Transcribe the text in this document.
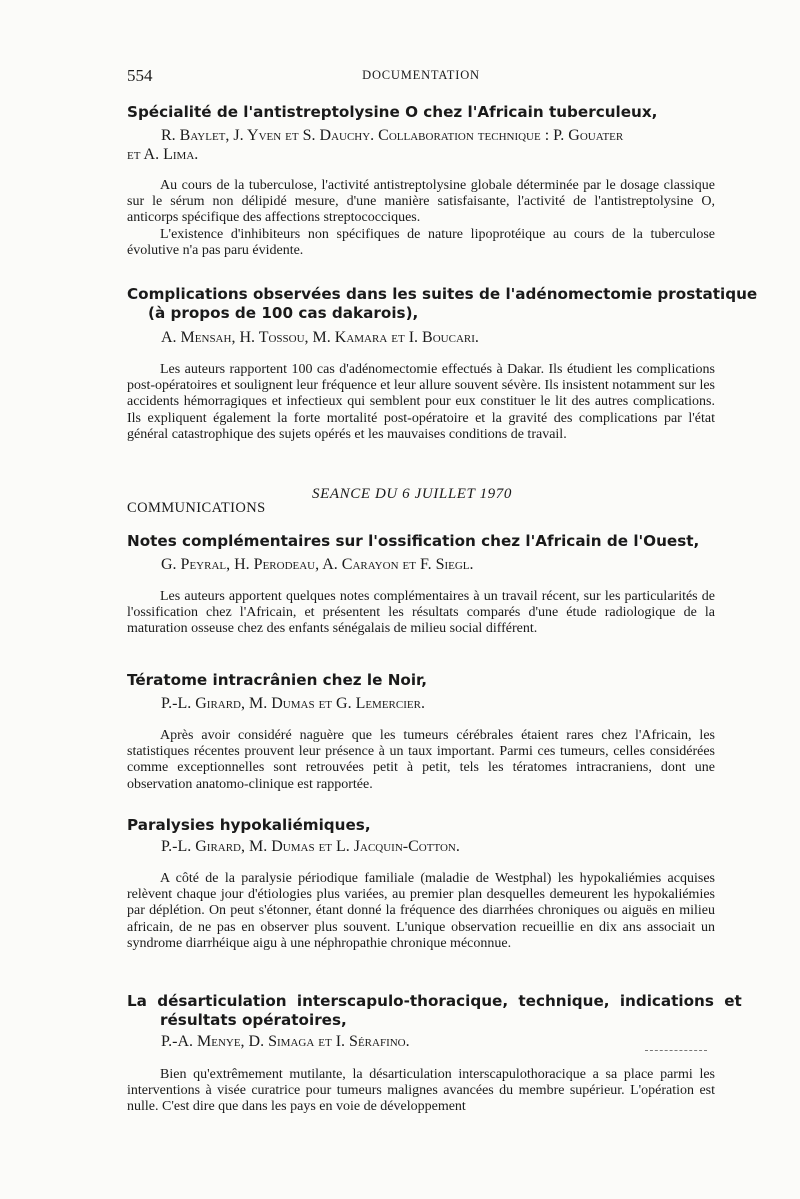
554	DOCUMENTATION
Spécialité de l'antistreptolysine O chez l'Africain tuberculeux,
R. Baylet, J. Yven et S. Dauchy. Collaboration technique : P. Gouater
et A. Lima.

Au cours de la tuberculose, l'activité antistreptolysine globale déterminée par le dosage classique sur le sérum non délipidé mesure, d'une manière satisfaisante, l'activité de l'antistreptolysine O, anticorps spécifique des affections streptococciques.

L'existence d'inhibiteurs non spécifiques de nature lipoprotéique au cours de la tuberculose évolutive n'a pas paru évidente.

Complications observées dans les suites de l'adénomectomie prostatique
(à propos de 100 cas dakarois),
A. Mensah, H. Tossou, M. Kamara et I. Boucari.

Les auteurs rapportent 100 cas d'adénomectomie effectués à Dakar. Ils étudient les complications post-opératoires et soulignent leur fréquence et leur allure souvent sévère. Ils insistent notamment sur les accidents hémorragiques et infectieux qui semblent pour eux constituer le lit des autres complications. Ils expliquent également la forte mortalité post-opératoire et la gravité des complications par l'état général catastrophique des sujets opérés et les mauvaises conditions de travail.

SEANCE DU 6 JUILLET 1970
COMMUNICATIONS
Notes complémentaires sur l'ossification chez l'Africain de l'Ouest,
G. Peyral, H. Perodeau, A. Carayon et F. Siegl.

Les auteurs apportent quelques notes complémentaires à un travail récent, sur les particularités de l'ossification chez l'Africain, et présentent les résultats comparés d'une étude radiologique de la maturation osseuse chez des enfants sénégalais de milieu social différent.

Tératome intracrânien chez le Noir,
P.-L. Girard, M. Dumas et G. Lemercier.

Après avoir considéré naguère que les tumeurs cérébrales étaient rares chez l'Africain, les statistiques récentes prouvent leur présence à un taux important. Parmi ces tumeurs, celles considérées comme exceptionnelles sont retrouvées petit à petit, tels les tératomes intracraniens, dont une observation anatomo-clinique est rapportée.

Paralysies hypokaliémiques,
P.-L. Girard, M. Dumas et L. Jacquin-Cotton.

A côté de la paralysie périodique familiale (maladie de Westphal) les hypokaliémies acquises relèvent chaque jour d'étiologies plus variées, au premier plan desquelles demeurent les hypokaliémies par déplétion. On peut s'étonner, étant donné la fréquence des diarrhées chroniques ou aiguës en milieu africain, de ne pas en observer plus souvent. L'unique observation recueillie en dix ans associait un syndrome diarrhéique aigu à une néphropathie chronique méconnue.

La désarticulation interscapulo-thoracique, technique, indications et
résultats opératoires,
P.-A. Menye, D. Simaga et I. Sérafino.

Bien qu'extrêmement mutilante, la désarticulation interscapulothoracique a sa place parmi les interventions à visée curatrice pour tumeurs malignes avancées du membre supérieur. L'opération est nulle. C'est dire que dans les pays en voie de développement
